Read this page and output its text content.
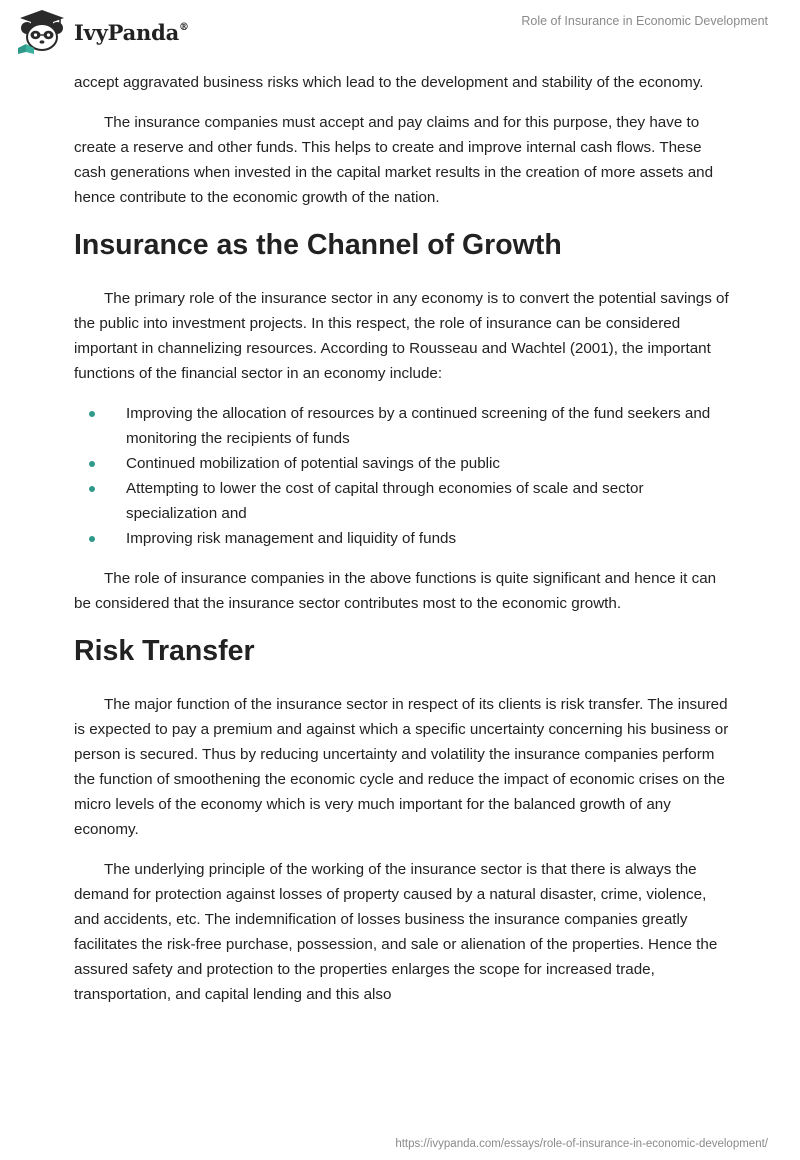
IvyPanda®	Role of Insurance in Economic Development

accept aggravated business risks which lead to the development and stability of the economy.

The insurance companies must accept and pay claims and for this purpose, they have to create a reserve and other funds. This helps to create and improve internal cash flows. These cash generations when invested in the capital market results in the creation of more assets and hence contribute to the economic growth of the nation.

Insurance as the Channel of Growth

The primary role of the insurance sector in any economy is to convert the potential savings of the public into investment projects. In this respect, the role of insurance can be considered important in channelizing resources. According to Rousseau and Wachtel (2001), the important functions of the financial sector in an economy include:

Improving the allocation of resources by a continued screening of the fund seekers and monitoring the recipients of funds
Continued mobilization of potential savings of the public
Attempting to lower the cost of capital through economies of scale and sector specialization and
Improving risk management and liquidity of funds

The role of insurance companies in the above functions is quite significant and hence it can be considered that the insurance sector contributes most to the economic growth.

Risk Transfer

The major function of the insurance sector in respect of its clients is risk transfer. The insured is expected to pay a premium and against which a specific uncertainty concerning his business or person is secured. Thus by reducing uncertainty and volatility the insurance companies perform the function of smoothening the economic cycle and reduce the impact of economic crises on the micro levels of the economy which is very much important for the balanced growth of any economy.

The underlying principle of the working of the insurance sector is that there is always the demand for protection against losses of property caused by a natural disaster, crime, violence, and accidents, etc. The indemnification of losses business the insurance companies greatly facilitates the risk-free purchase, possession, and sale or alienation of the properties. Hence the assured safety and protection to the properties enlarges the scope for increased trade, transportation, and capital lending and this also

https://ivypanda.com/essays/role-of-insurance-in-economic-development/
